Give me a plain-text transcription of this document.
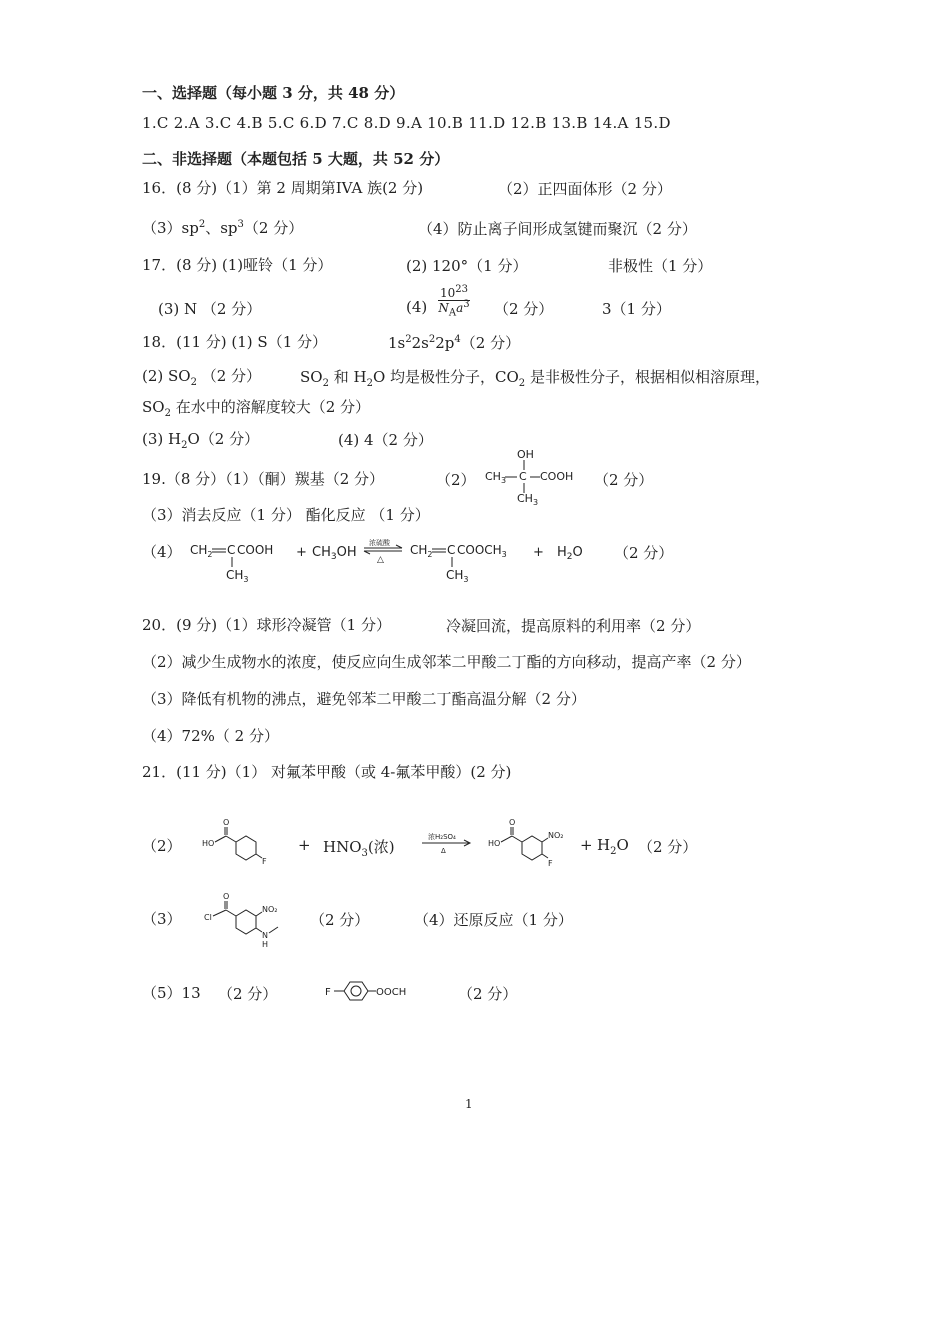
一、选择题（每小题 3 分，共 48 分）
1.C 2.A 3.C 4.B 5.C 6.D 7.C 8.D 9.A 10.B 11.D 12.B 13.B 14.A 15.D
二、非选择题（本题包括 5 大题，共 52 分）
16．(8 分)（1）第 2 周期第IVA 族(2 分)	（2）正四面体形（2 分）
$(3)sp^2$、$sp^3(2$ 分）	（4）防止离子间形成氢键而聚沉（2 分）
17．(8 分) (1)哑铃（1 分）	(2) 120°（1 分）	非极性（1 分）
(3) N （2 分）	(4)
$10^{23}$
$N_Aa^3$ （2 分）	3（1 分）
18．(11 分) (1) S（1 分）	$1s^22s^22p^4(2$ 分）
(2) $SO_2$ （2 分）	$SO_2$ 和 $H_2O$ 均是极性分子，$CO_2$ 是非极性分子，根据相似相溶原理，
$SO_2$ 在水中的溶解度较大（2 分）
(3) $H_2O(2$ 分）	(4) 4（2 分）
19.（8 分）（1）（酮）羰基（2 分）	（2）
OH
$CH_3$ C COOH
$CH_3$
（2 分）
（3）消去反应（1 分） 酯化反应 （1 分）
（4） $CH_2$ C COOH
$CH_3$
+ $CH_3OH$
浓硫酸
△
$CH_2$ C $COOCH_3$
$CH_3$
+ $H_2O$ （2 分）
20．(9 分)（1）球形冷凝管（1 分）	冷凝回流，提高原料的利用率（2 分）
（2）减少生成物水的浓度，使反应向生成邻苯二甲酸二丁酯的方向移动，提高产率（2 分）
（3）降低有机物的沸点，避免邻苯二甲酸二丁酯高温分解（2 分）
（4）72%（ 2 分）
21．(11 分)（1） 对氟苯甲酸（或 4-氟苯甲酸）(2 分)
（2）
O
HO
F
+ $HNO_3$(浓)
浓H₂SO₄
Δ
O
HO
NO₂
F
+ $H_2O$ （2 分）
（3）
O
Cl
NO₂
N
H
（2 分）	（4）还原反应（1 分）
（5）13 （2 分）	F	OOCH	（2 分）
1
